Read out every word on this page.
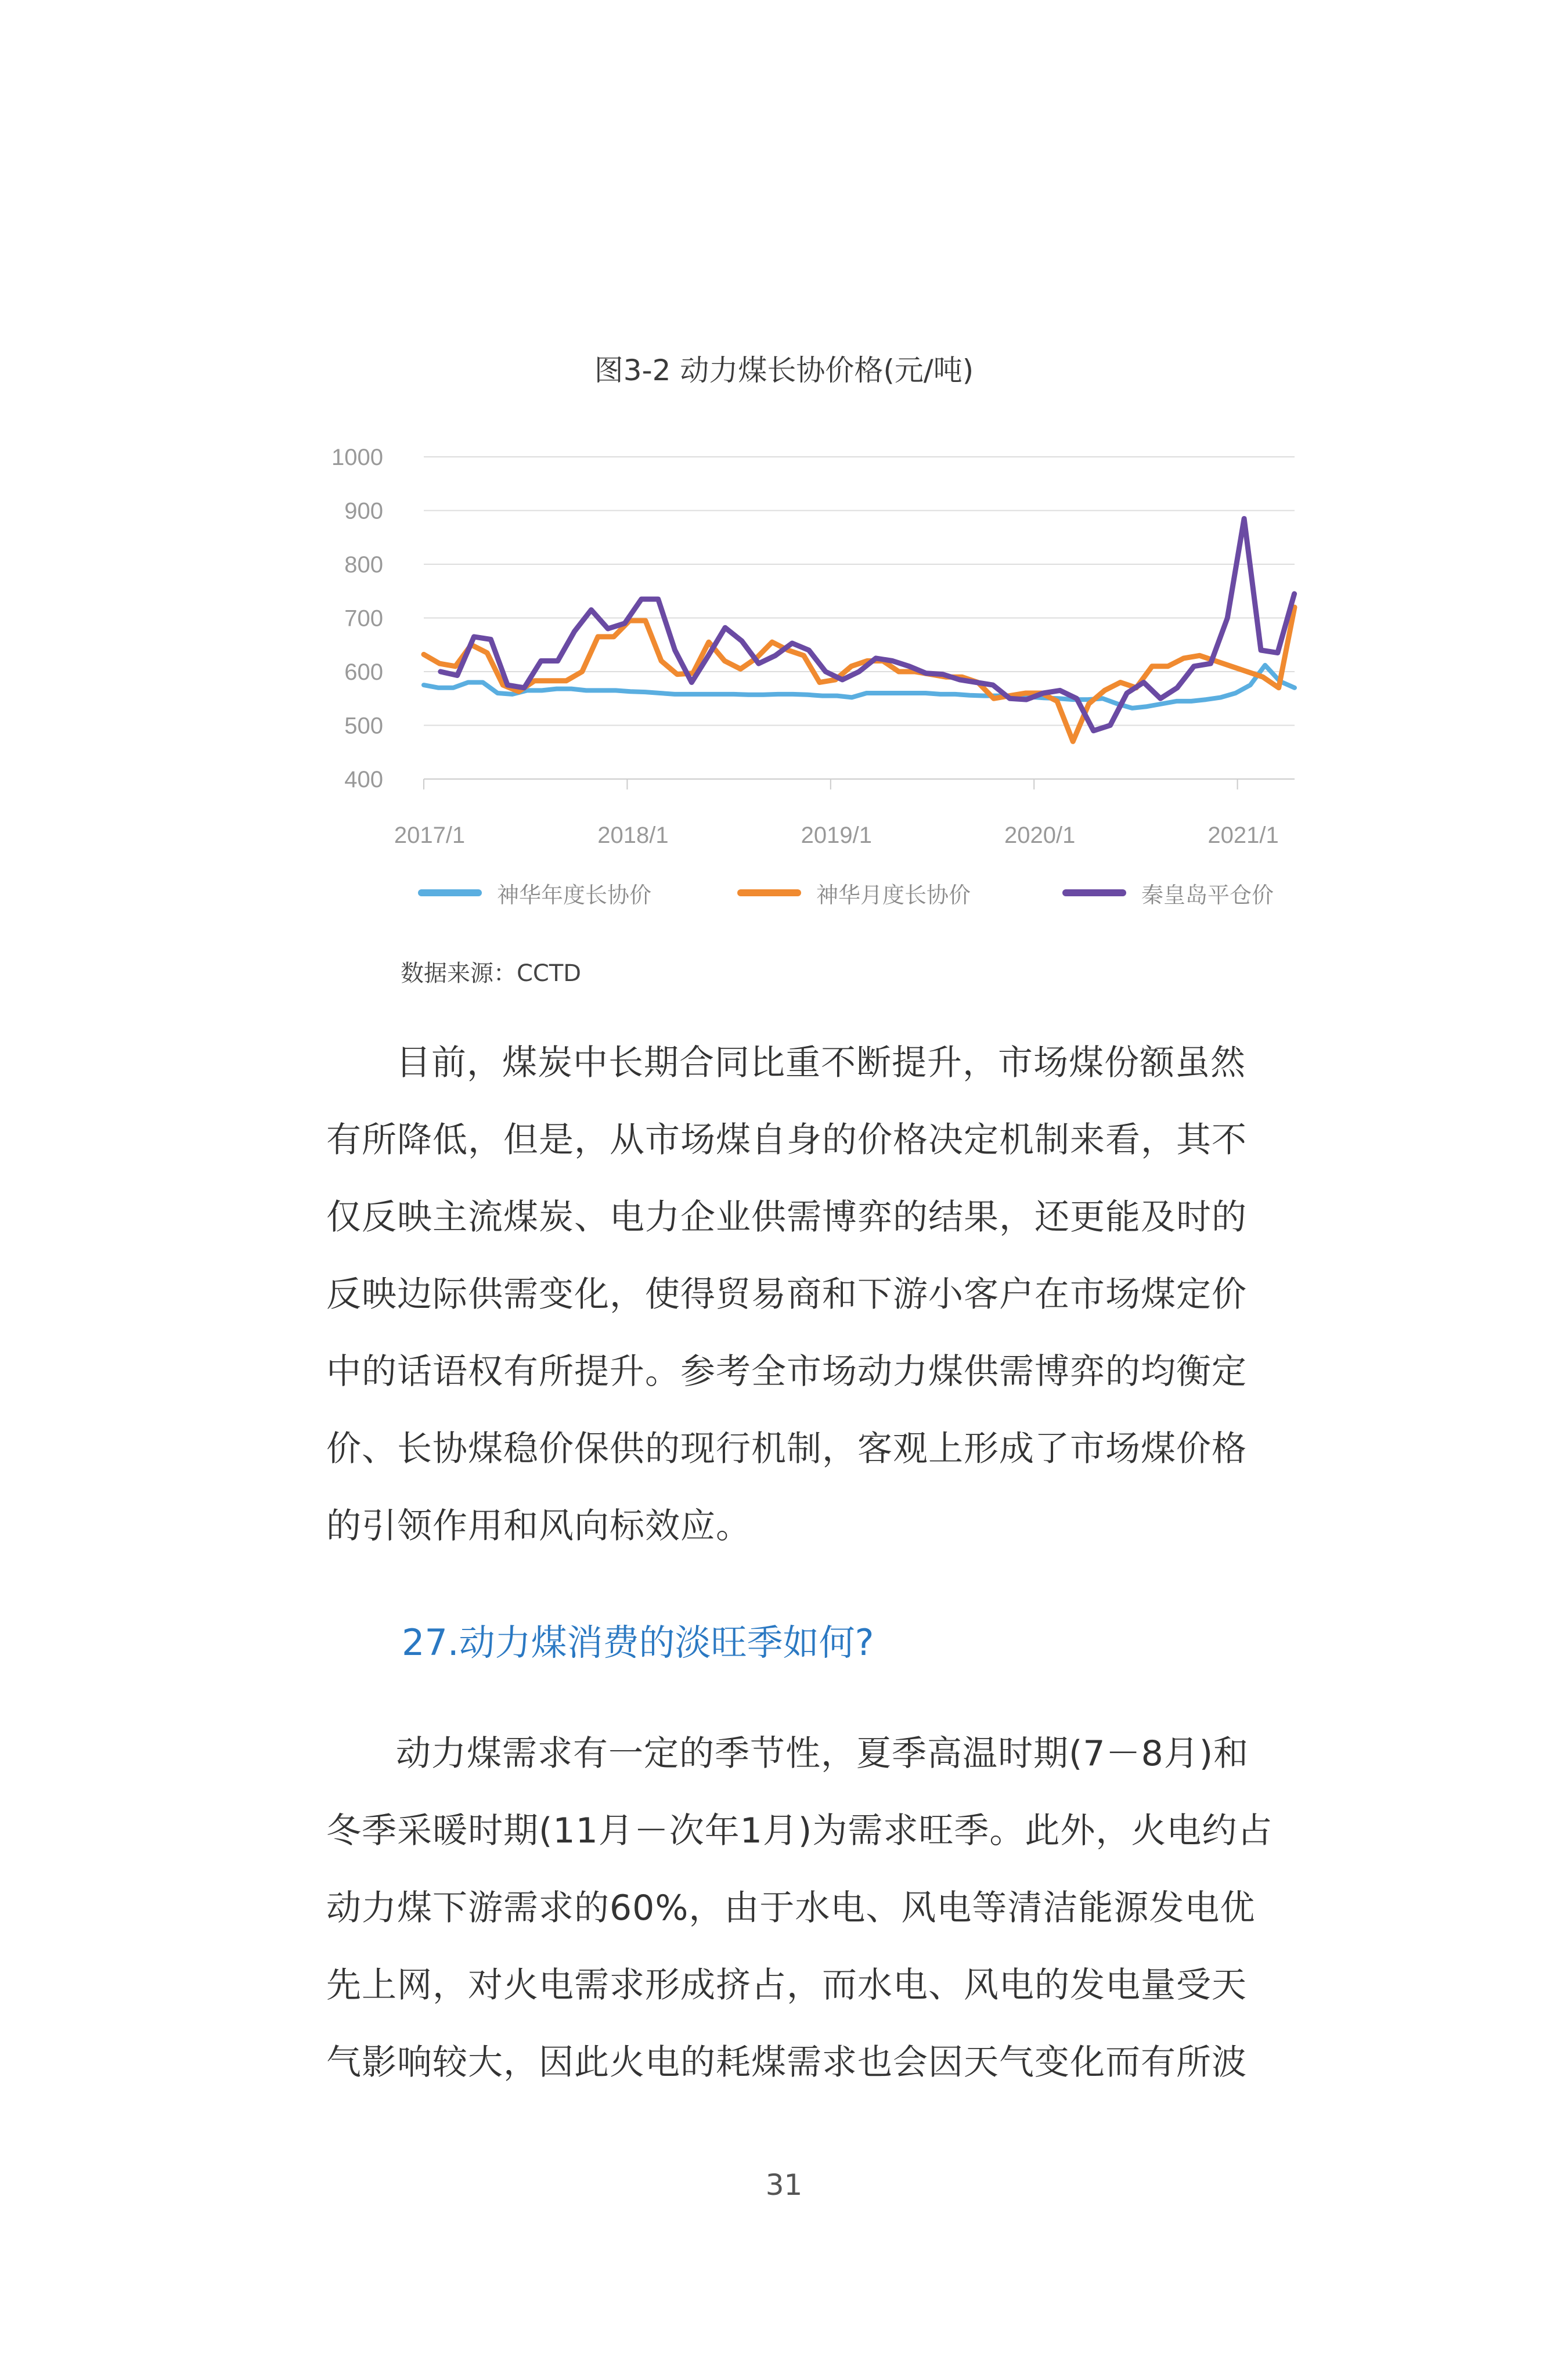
图3-2 动力煤长协价格(元/吨)
1000
900
800
700
600
500
400
2017/1	2018/1	2019/1	2020/1	2021/1
神华年度长协价	神华月度长协价	秦皇岛平仓价
数据来源：CCTD
目前，煤炭中长期合同比重不断提升，市场煤份额虽然
有所降低，但是，从市场煤自身的价格决定机制来看，其不
仅反映主流煤炭、电力企业供需博弈的结果，还更能及时的
反映边际供需变化，使得贸易商和下游小客户在市场煤定价
中的话语权有所提升。参考全市场动力煤供需博弈的均衡定
价、长协煤稳价保供的现行机制，客观上形成了市场煤价格
的引领作用和风向标效应。
27.动力煤消费的淡旺季如何?
动力煤需求有一定的季节性，夏季高温时期(7－8月)和
冬季采暖时期(11月－次年1月)为需求旺季。此外，火电约占
动力煤下游需求的60%，由于水电、风电等清洁能源发电优
先上网，对火电需求形成挤占，而水电、风电的发电量受天
气影响较大，因此火电的耗煤需求也会因天气变化而有所波
31
